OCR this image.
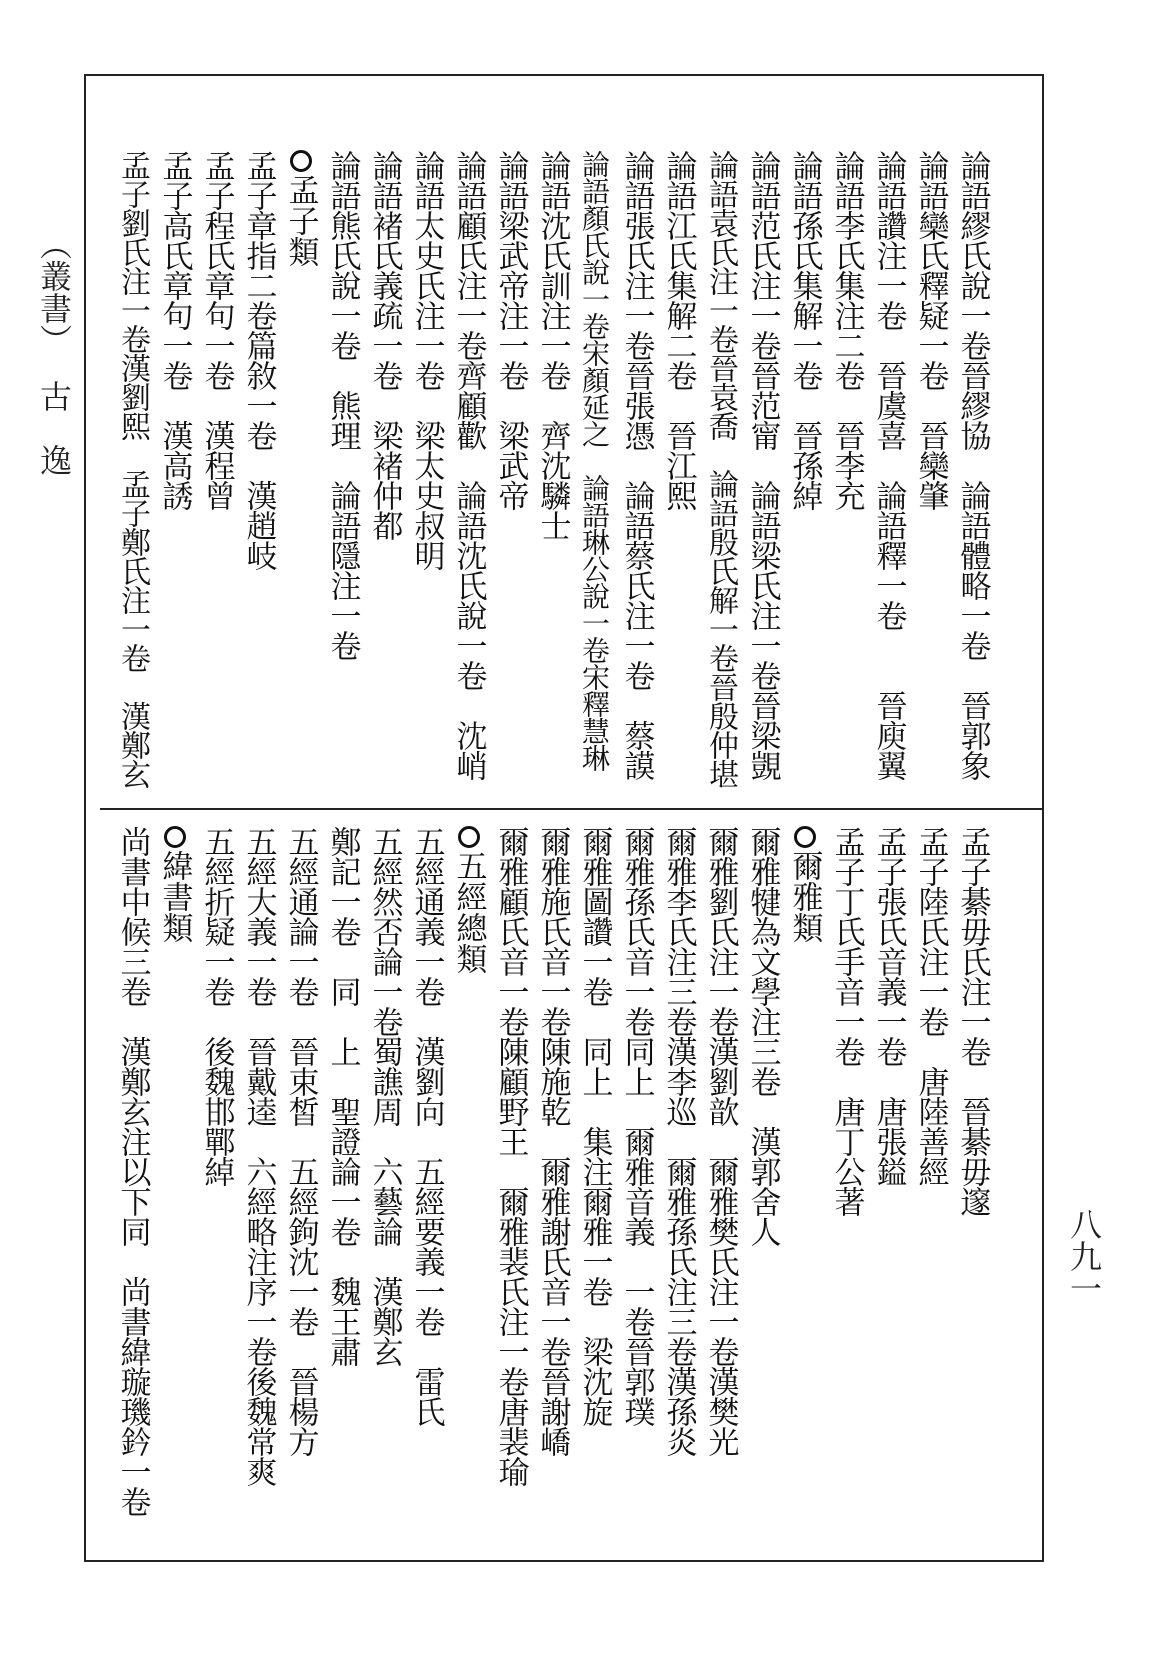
（叢書）
古　逸
八九一
論語繆氏說一卷晉繆協　論語體略一卷　晉郭象
論語欒氏釋疑一卷　晉欒肇
論語讚注一卷　晉虞喜　論語釋一卷　　晉庾翼
論語李氏集注二卷　晉李充
論語孫氏集解一卷　晉孫綽
論語范氏注一卷晉范甯　論語梁氏注一卷晉梁覬
論語袁氏注一卷晉袁喬　論語殷氏解一卷晉殷仲堪
論語江氏集解二卷　晉江熙
論語張氏注一卷晉張憑　論語蔡氏注一卷　蔡謨
論語顏氏說一卷宋顏延之　論語琳公說一卷宋釋慧琳
論語沈氏訓注一卷　齊沈驎士
論語梁武帝注一卷　梁武帝
論語顧氏注一卷齊顧歡　論語沈氏說一卷　沈峭
論語太史氏注一卷　梁太史叔明
論語褚氏義疏一卷　梁褚仲都
論語熊氏說一卷　熊理　論語隱注一卷
孟子類
孟子章指二卷篇敘一卷　漢趙岐
孟子程氏章句一卷　漢程曾
孟子高氏章句一卷　漢高誘
孟子劉氏注一卷漢劉熙　孟子鄭氏注一卷　漢鄭玄
孟子綦毋氏注一卷　晉綦毋邃
孟子陸氏注一卷　唐陸善經
孟子張氏音義一卷　唐張鎰
孟子丁氏手音一卷　唐丁公著
爾雅類
爾雅犍為文學注三卷　漢郭舍人
爾雅劉氏注一卷漢劉歆　爾雅樊氏注一卷漢樊光
爾雅李氏注三卷漢李巡　爾雅孫氏注三卷漢孫炎
爾雅孫氏音一卷同上　爾雅音義　一卷晉郭璞
爾雅圖讚一卷　同上　集注爾雅一卷　梁沈旋
爾雅施氏音一卷陳施乾　爾雅謝氏音一卷晉謝嶠
爾雅顧氏音一卷陳顧野王　爾雅裴氏注一卷唐裴瑜
五經總類
五經通義一卷　漢劉向　五經要義一卷　雷氏
五經然否論一卷蜀譙周　六藝論　漢鄭玄
鄭記一卷　同　上　聖證論一卷　魏王肅
五經通論一卷　晉束皙　五經鉤沈一卷　晉楊方
五經大義一卷　晉戴逵　六經略注序一卷後魏常爽
五經折疑一卷　後魏邯鄲綽
緯書類
尚書中候三卷　漢鄭玄注以下同　尚書緯璇璣鈐一卷
